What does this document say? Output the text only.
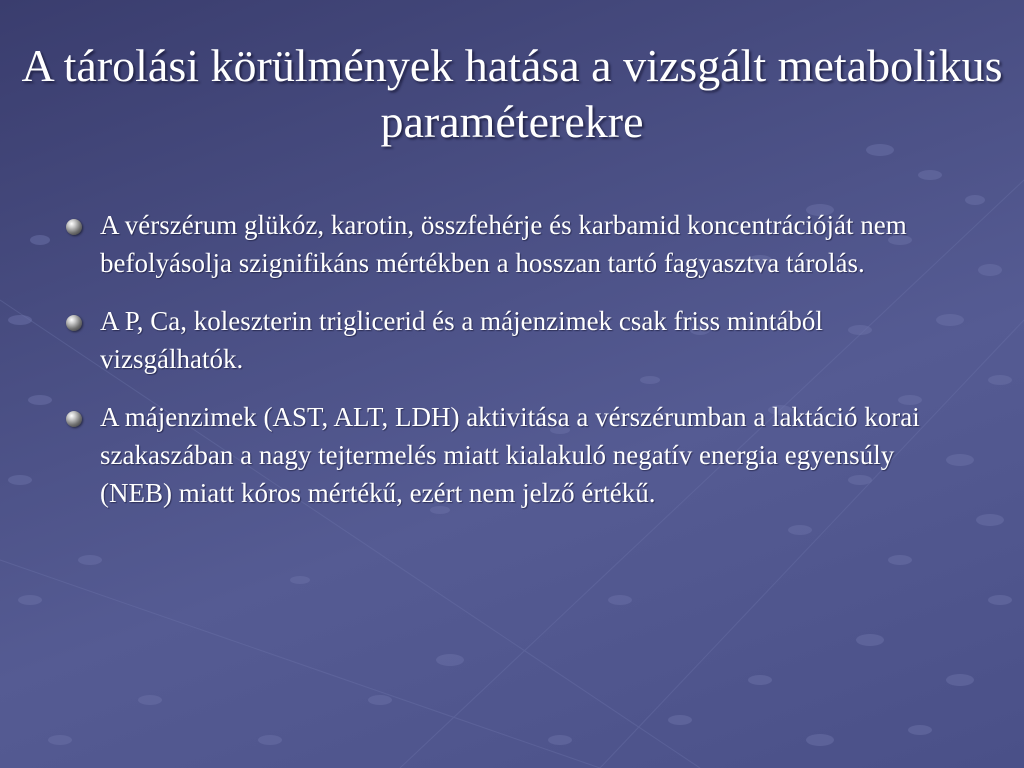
A tárolási körülmények hatása a vizsgált metabolikus paraméterekre
A vérszérum glükóz, karotin, összfehérje és karbamid koncentrációját nem befolyásolja szignifikáns mértékben a hosszan tartó fagyasztva tárolás.
A P, Ca, koleszterin triglicerid és a májenzimek csak friss mintából vizsgálhatók.
A májenzimek (AST, ALT, LDH) aktivitása a vérszérumban a laktáció korai szakaszában a nagy tejtermelés miatt kialakuló negatív energia egyensúly (NEB) miatt kóros mértékű, ezért nem jelző értékű.
